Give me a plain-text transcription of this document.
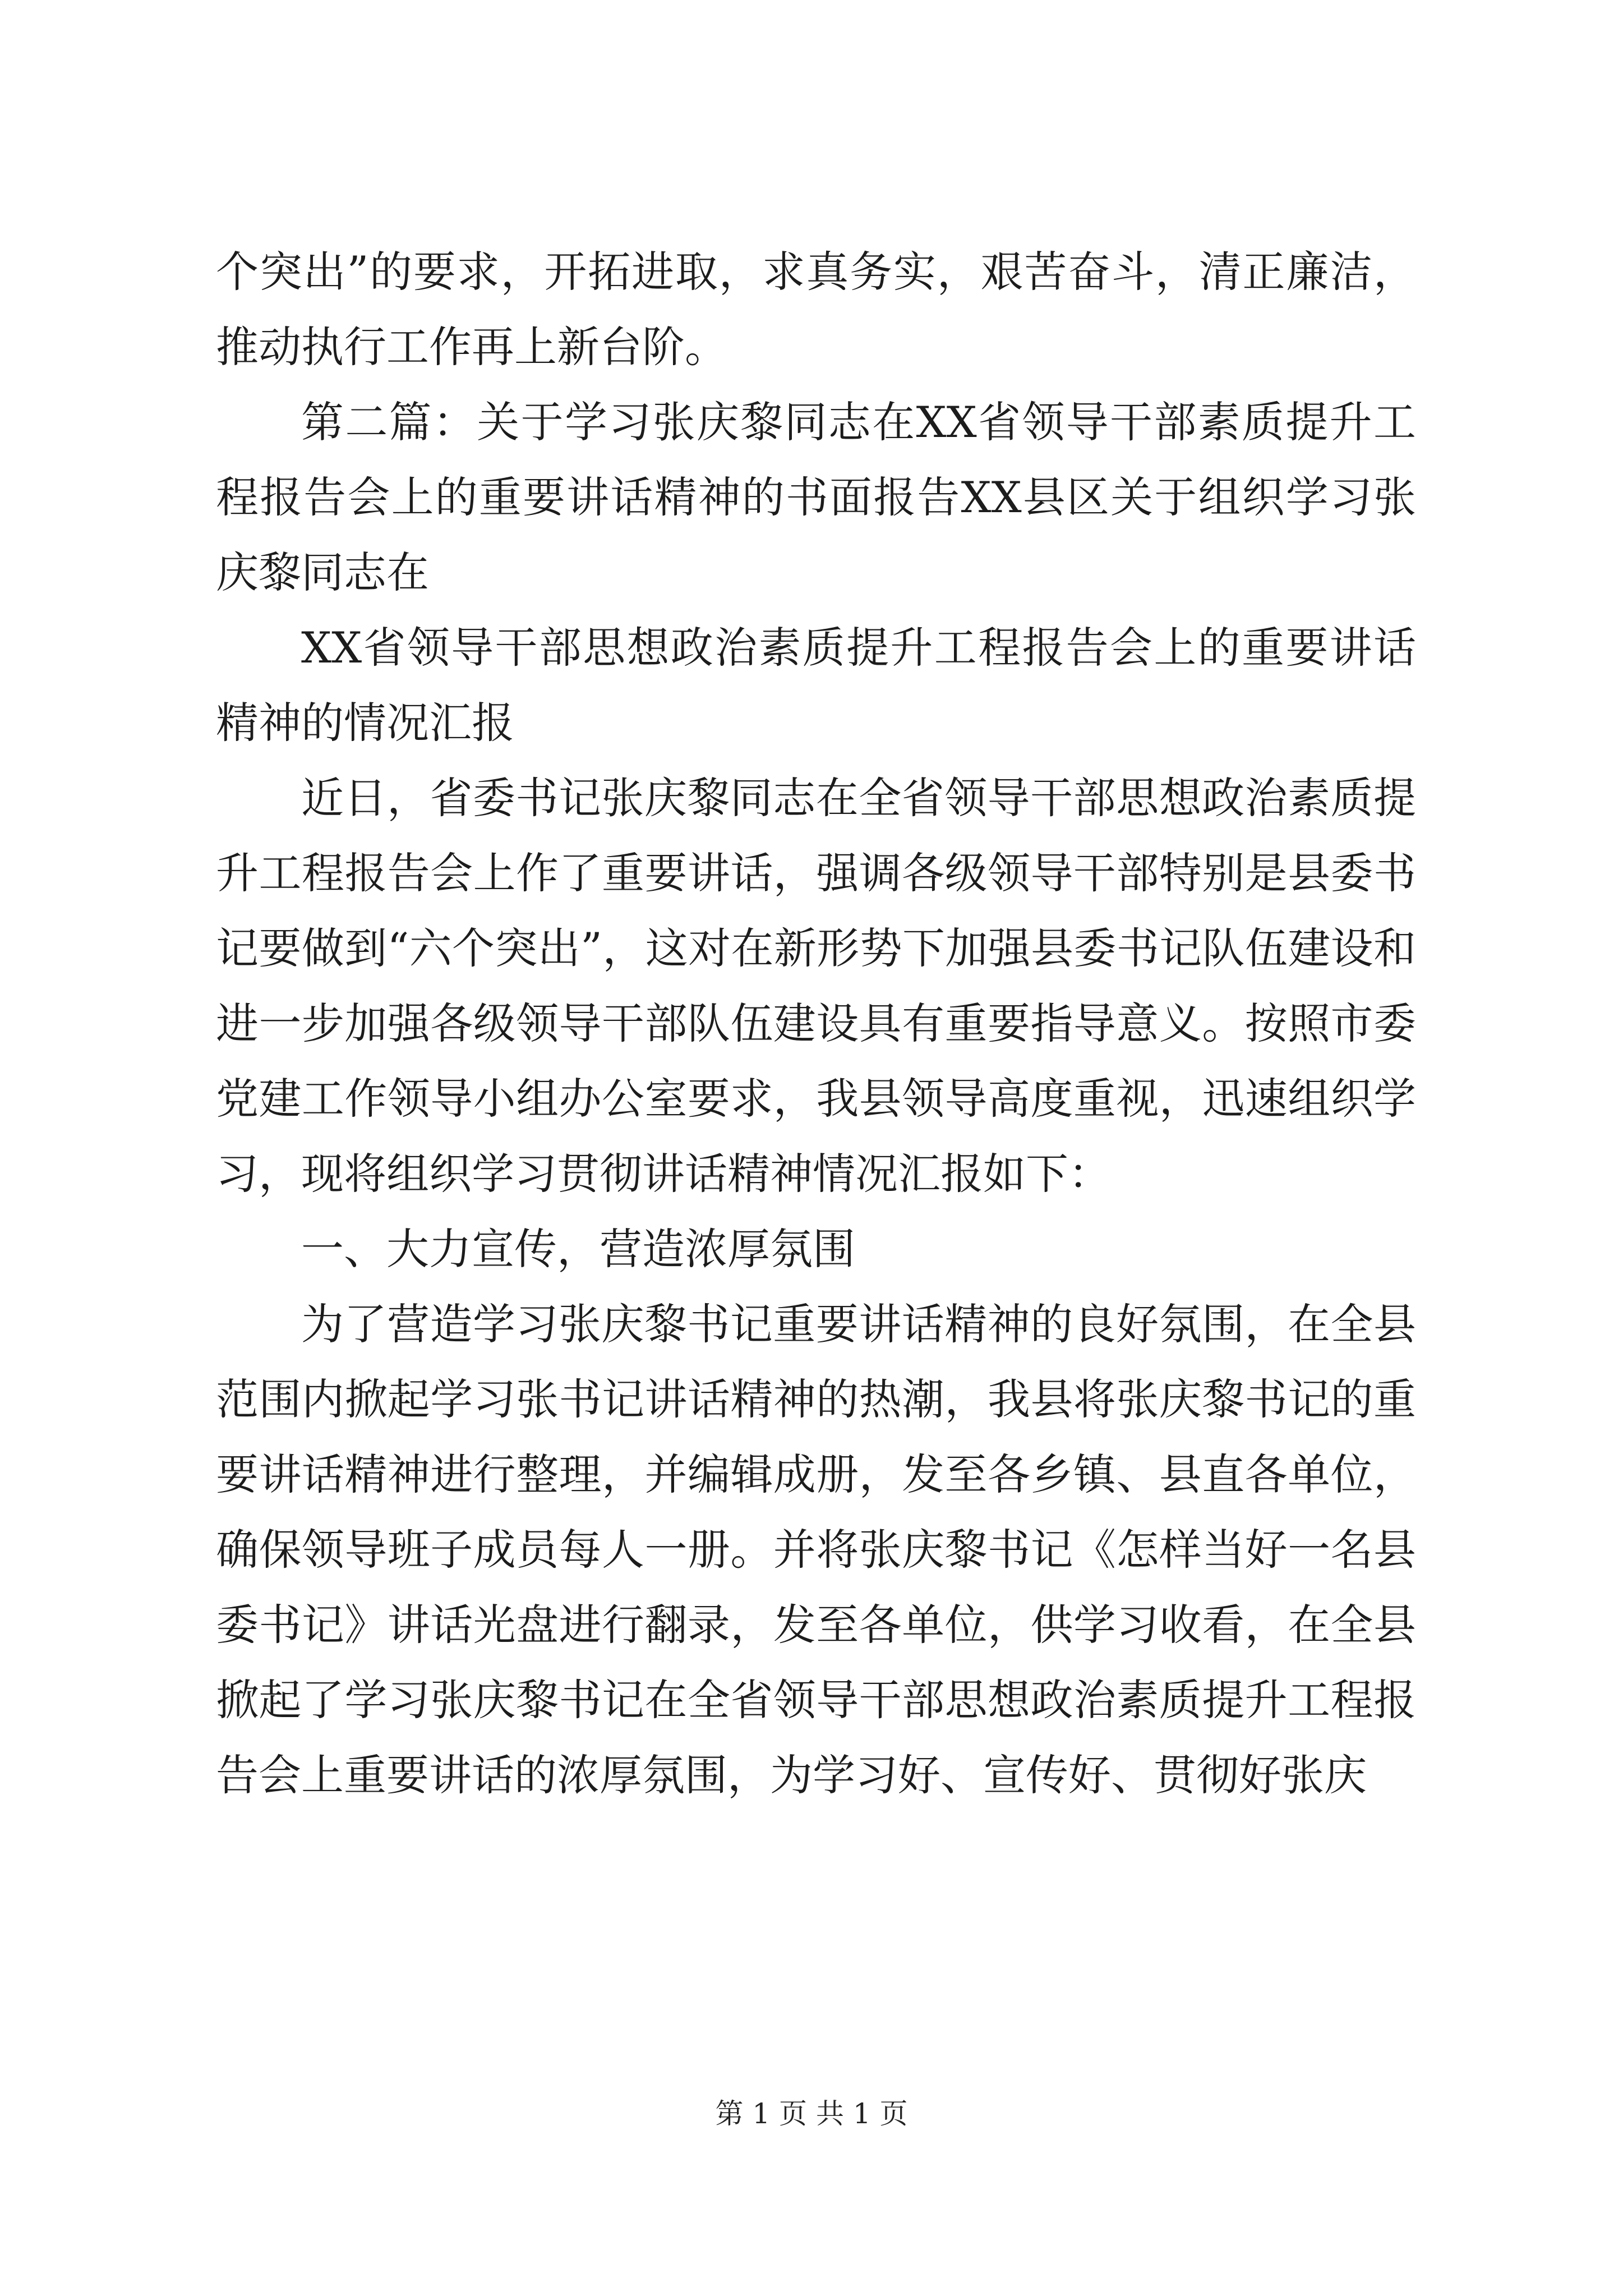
个突出”的要求，开拓进取，求真务实，艰苦奋斗，清正廉洁，推动执行工作再上新台阶。

第二篇：关于学习张庆黎同志在XX省领导干部素质提升工程报告会上的重要讲话精神的书面报告XX县区关于组织学习张庆黎同志在

XX省领导干部思想政治素质提升工程报告会上的重要讲话精神的情况汇报

近日，省委书记张庆黎同志在全省领导干部思想政治素质提升工程报告会上作了重要讲话，强调各级领导干部特别是县委书记要做到“六个突出”，这对在新形势下加强县委书记队伍建设和进一步加强各级领导干部队伍建设具有重要指导意义。按照市委党建工作领导小组办公室要求，我县领导高度重视，迅速组织学习，现将组织学习贯彻讲话精神情况汇报如下：

一、大力宣传，营造浓厚氛围

为了营造学习张庆黎书记重要讲话精神的良好氛围，在全县范围内掀起学习张书记讲话精神的热潮，我县将张庆黎书记的重要讲话精神进行整理，并编辑成册，发至各乡镇、县直各单位，确保领导班子成员每人一册。并将张庆黎书记《怎样当好一名县委书记》讲话光盘进行翻录，发至各单位，供学习收看，在全县掀起了学习张庆黎书记在全省领导干部思想政治素质提升工程报告会上重要讲话的浓厚氛围，为学习好、宣传好、贯彻好张庆

第 1 页 共 1 页
